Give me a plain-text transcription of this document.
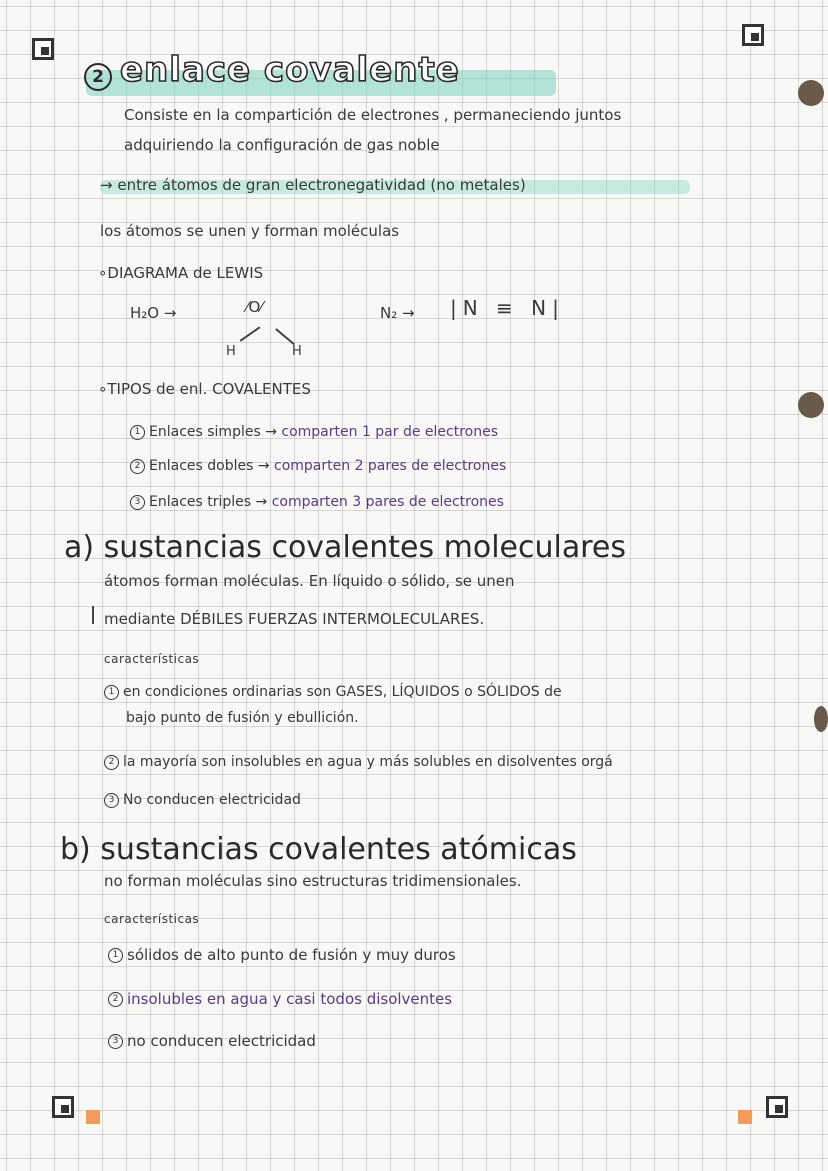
2 enlace covalente
Consiste en la compartición de electrones , permaneciendo juntos
adquiriendo la configuración de gas noble
→ entre átomos de gran electronegatividad (no metales)
los átomos se unen y forman moléculas
∘DIAGRAMA de LEWIS
H₂O →	⁄O⁄
H	H
N₂ → |N ≡ N|
∘TIPOS de enl. COVALENTES
1 Enlaces simples → comparten 1 par de electrones
2 Enlaces dobles → comparten 2 pares de electrones
3 Enlaces triples → comparten 3 pares de electrones
a) sustancias covalentes moleculares
átomos forman moléculas. En líquido o sólido, se unen
mediante DÉBILES FUERZAS INTERMOLECULARES.
características
1 en condiciones ordinarias son GASES, LÍQUIDOS o SÓLIDOS de
bajo punto de fusión y ebullición.
2 la mayoría son insolubles en agua y más solubles en disolventes orgá
3 No conducen electricidad
b) sustancias covalentes atómicas
no forman moléculas sino estructuras tridimensionales.
características
1 sólidos de alto punto de fusión y muy duros
2 insolubles en agua y casi todos disolventes
3 no conducen electricidad
